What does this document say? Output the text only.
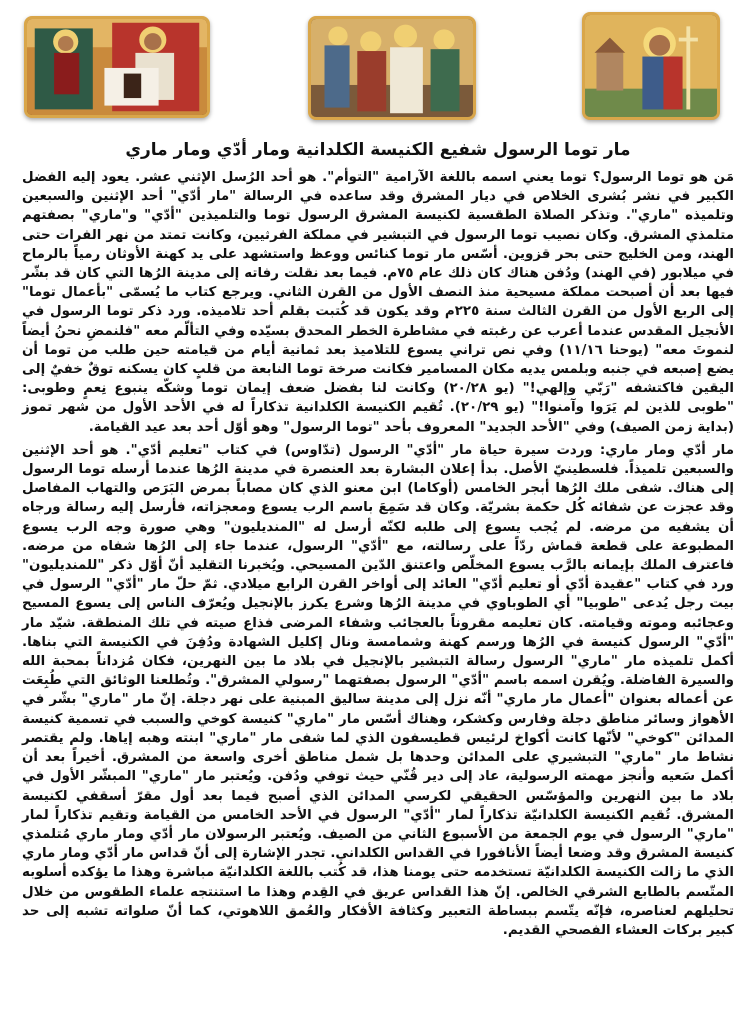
مار توما الرسول شفيع الكنيسة الكلدانية ومار أدّي ومار ماري

مَن هو توما الرسول؟ توما يعني اسمه باللغة الآرامية "التوأم". هو أحد الرُسل الإثني عشر. يعود إليه الفضل الكبير في نشر بُشرى الخلاص في ديار المشرق وقد ساعده في الرسالة "مار أدّي" أحد الإثنين والسبعين وتلميذه "ماري". وتذكر الصلاة الطقسية لكنيسة المشرق الرسول توما والتلميذين "أدّي" و"ماري" بصفتهم متلمذي المشرق. وكان نصيب توما الرسول في التبشير في مملكة الفرثيين، وكانت تمتد من نهر الفرات حتى الهند، ومن الخليج حتى بحر قزوين. أسّس مار توما كنائس ووعظ واستشهد على يد كهنة الأوثان رمياً بالرماح في ميلابور (في الهند) ودُفن هناك كان ذلك عام ٧٥م. فيما بعد نقلت رفاته إلى مدينة الرُها التي كان قد بشّر فيها بعد أن أصبحت مملكة مسيحية منذ النصف الأول من القرن الثاني. ويرجع كتاب ما يُسمّى "بأعمال توما" إلى الربع الأول من القرن الثالث سنة ٢٢٥م وقد يكون قد كُتبت بقلم أحد تلاميذه. ورد ذكر توما الرسول في الأنجيل المقدس عندما أعرب عن رغبته في مشاطرة الخطر المحدق بسيّده وفي التألّم معه "فلنمضِ نحنُ أيضاً لنموتَ معه" (يوحنا ١١/١٦) وفي نص تراني يسوع للتلاميذ بعد ثمانية أيام من قيامته حين طلب من توما أن يضع إصبعه في جنبه وبلمس يديه مكان المسامير فكانت صرخة توما النابعة من قلبٍ كان يسكنه توقٌ خفيٌ إلى اليقين فاكتشفه "رَبّي وإلهي!" (يو ٢٠/٢٨) وكانت لنا بفضل ضعف إيمان توما وشكّه ينبوع نِعمٍ وطوبى: "طوبى للذين لم يَرَوا وآمنوا!" (يو ٢٠/٢٩). تُقيم الكنيسة الكلدانية تذكاراً له في الأحد الأول من شهر تموز (بداية زمن الصيف) وفي "الأحد الجديد" المعروف بأحد "توما الرسول" وهو أوّل أحد بعد عيد القيامة.

مار أدّي ومار ماري: وردت سيرة حياة مار "أدّي" الرسول (تدّاوس) في كتاب "تعليم أدّي". هو أحد الإثنين والسبعين تلميذاً. فلسطينيّ الأصل. بدأ إعلان البشارة بعد العنصرة في مدينة الرُها عندما أرسله توما الرسول إلى هناك. شفى ملك الرُها أبجر الخامس (أوكاما) ابن معنو الذي كان مصاباً بمرض البَرَص والتهاب المفاصل وقد عجزت عن شفائه كُل حكمة بشريّة. وكان قد سَمِعَ باسم الرب يسوع ومعجزاته، فأرسل إليه رسالة ورجاه أن يشفيه من مرضه. لم يُجب يسوع إلى طلبه لكنّه أرسل له "المنديليون" وهي صورة وجه الرب يسوع المطبوعة على قطعة قماش ردّاً على رسالته، مع "أدّي" الرسول، عندما جاء إلى الرُها شفاه من مرضه. فاعترف الملك بإيمانه بالرَّب يسوع المخلّص واعتنق الدّين المسيحي. ويُخبرنا التقليد أنّ أوّل ذكر "للمنديليون" ورد في كتاب "عقيدة أدّي أو تعليم أدّي" العائد إلى أواخر القرن الرابع ميلادي. ثمّ حلّ مار "أدّي" الرسول في بيت رجل يُدعى "طوبيا" أي الطوباوي في مدينة الرُها وشرع يكرز بالإنجيل ويُعرّف الناس إلى يسوع المسيح وعجائبه وموته وقيامته. كان تعليمه مقروناً بالعجائب وشفاء المرضى فذاع صيته في تلك المنطقة. شيّد مار "أدّي" الرسول كنيسة في الرُها ورسم كهنة وشمامسة ونال إكليل الشهادة ودُفِنَ في الكنيسة التي بناها. أكمل تلميذه مار "ماري" الرسول رسالة التبشير بالإنجيل في بلاد ما بين النهرين، فكان مُزداناً بمحبة الله والسيرة الفاضلة. ويُقرن اسمه باسم "أدّي" الرسول بصفتهما "رسولي المشرق". وتُطلعنا الوثائق التي طُبِعَت عن أعماله بعنوان "أعمال مار ماري" أنّه نزل إلى مدينة ساليق المبنية على نهر دجلة. إنّ مار "ماري" بشّر في الأهواز وسائر مناطق دجلة وفارس وكشكر، وهناك أسّس مار "ماري" كنيسة كوخي والسبب في تسمية كنيسة المدائن "كوخي" لأنّها كانت أكواخ لرئيس قطيسفون الذي لما شفى مار "ماري" ابنته وهبه إياها. ولم يقتصر نشاط مار "ماري" التبشيري على المدائن وحدها بل شمل مناطق أخرى واسعة من المشرق. أخيراً بعد أن أكمل سَعيه وأنجز مهمته الرسولية، عاد إلى دير قُنّي حيث توفي ودُفن. ويُعتبر مار "ماري" المبشّر الأول في بلاد ما بين النهرين والمؤسّس الحقيقي لكرسي المدائن الذي أصبح فيما بعد أول مقرّ أسقفي لكنيسة المشرق. تُقيم الكنيسة الكلدانيّة تذكاراً لمار "أدّي" الرسول في الأحد الخامس من القيامة وتقيم تذكاراً لمار "ماري" الرسول في يوم الجمعة من الأسبوع الثاني من الصيف. ويُعتبر الرسولان مار أدّي ومار ماري مُتلمذي كنيسة المشرق وقد وضعا أيضاً الأنافورا في القداس الكلداني. تجدر الإشارة إلى أنّ قداس مار أدّي ومار ماري الذي ما زالت الكنيسة الكلدانيّة تستخدمه حتى يومنا هذا، قد كُتب باللغة الكلدانيّة مباشرة وهذا ما يؤكده أسلوبه المتّسم بالطابع الشرقي الخالص. إنّ هذا القداس عريق في القِدم وهذا ما استنتجه علماء الطقوس من خلال تحليلهم لعناصره، فإنّه يتّسم ببساطة التعبير وكثافة الأفكار والعُمق اللاهوتي، كما أنّ صلواته تشبه إلى حد كبير بركات العشاء الفصحي القديم.
